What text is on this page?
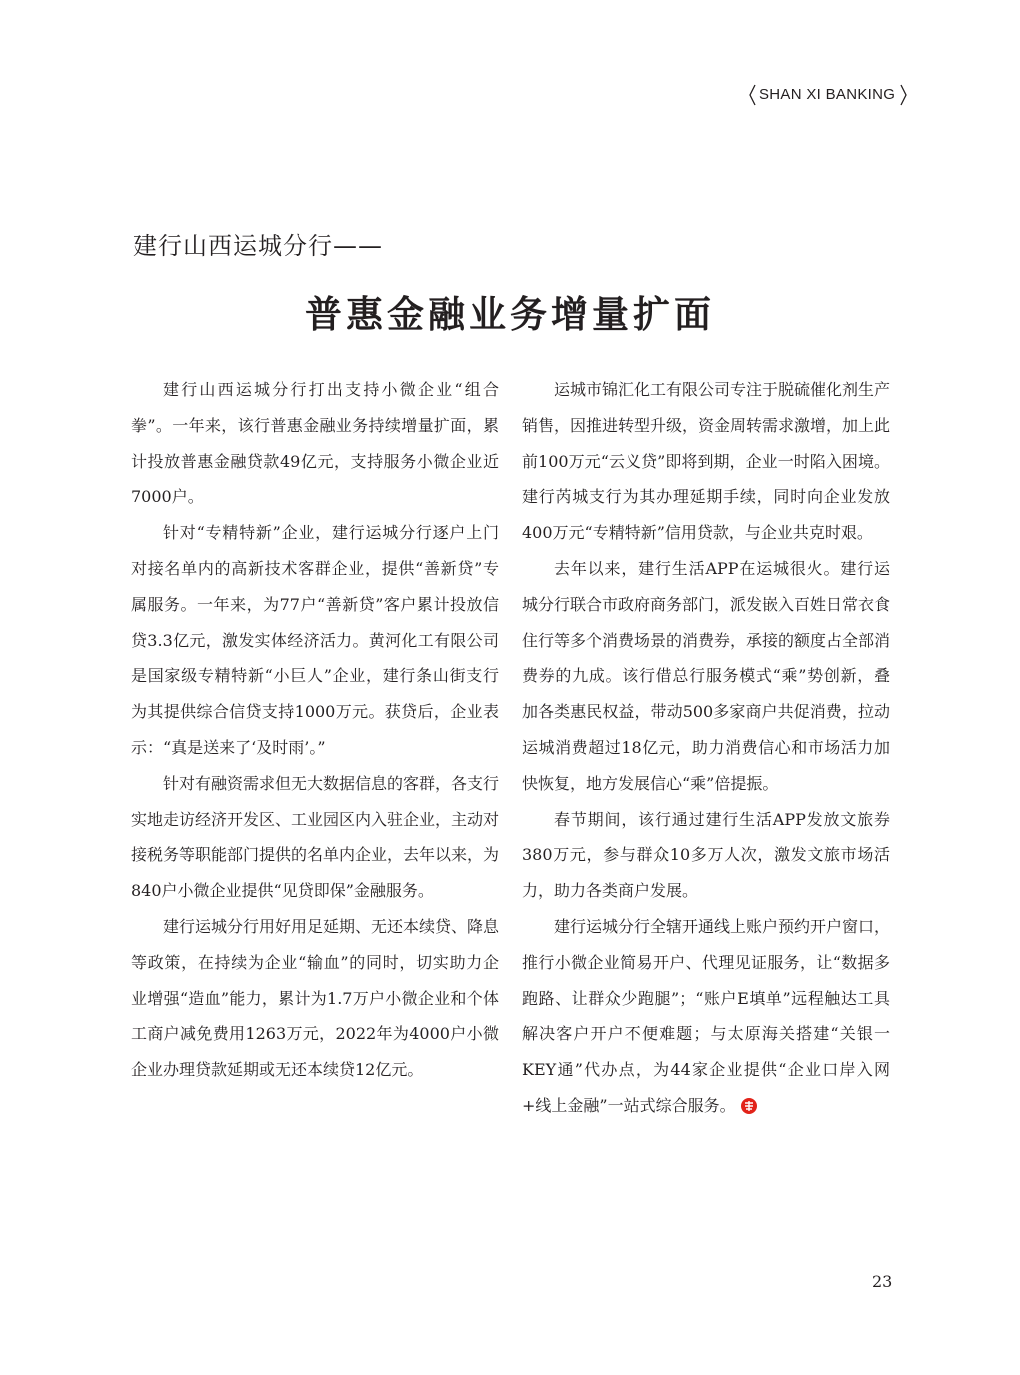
SHAN XI BANKING
建行山西运城分行——
普惠金融业务增量扩面

建行山西运城分行打出支持小微企业“组合拳”。一年来，该行普惠金融业务持续增量扩面，累计投放普惠金融贷款49亿元，支持服务小微企业近7000户。

针对“专精特新”企业，建行运城分行逐户上门对接名单内的高新技术客群企业，提供“善新贷”专属服务。一年来，为77户“善新贷”客户累计投放信贷3.3亿元，激发实体经济活力。黄河化工有限公司是国家级专精特新“小巨人”企业，建行条山街支行为其提供综合信贷支持1000万元。获贷后，企业表示：“真是送来了‘及时雨’。”

针对有融资需求但无大数据信息的客群，各支行实地走访经济开发区、工业园区内入驻企业，主动对接税务等职能部门提供的名单内企业，去年以来，为840户小微企业提供“见贷即保”金融服务。

建行运城分行用好用足延期、无还本续贷、降息等政策，在持续为企业“输血”的同时，切实助力企业增强“造血”能力，累计为1.7万户小微企业和个体工商户减免费用1263万元，2022年为4000户小微企业办理贷款延期或无还本续贷12亿元。

运城市锦汇化工有限公司专注于脱硫催化剂生产销售，因推进转型升级，资金周转需求激增，加上此前100万元“云义贷”即将到期，企业一时陷入困境。建行芮城支行为其办理延期手续，同时向企业发放400万元“专精特新”信用贷款，与企业共克时艰。

去年以来，建行生活APP在运城很火。建行运城分行联合市政府商务部门，派发嵌入百姓日常衣食住行等多个消费场景的消费券，承接的额度占全部消费券的九成。该行借总行服务模式“乘”势创新，叠加各类惠民权益，带动500多家商户共促消费，拉动运城消费超过18亿元，助力消费信心和市场活力加快恢复，地方发展信心“乘”倍提振。

春节期间，该行通过建行生活APP发放文旅券380万元，参与群众10多万人次，激发文旅市场活力，助力各类商户发展。

建行运城分行全辖开通线上账户预约开户窗口，推行小微企业简易开户、代理见证服务，让“数据多跑路、让群众少跑腿”；“账户E填单”远程触达工具解决客户开户不便难题；与太原海关搭建“关银一KEY通”代办点，为44家企业提供“企业口岸入网+线上金融”一站式综合服务。

23
